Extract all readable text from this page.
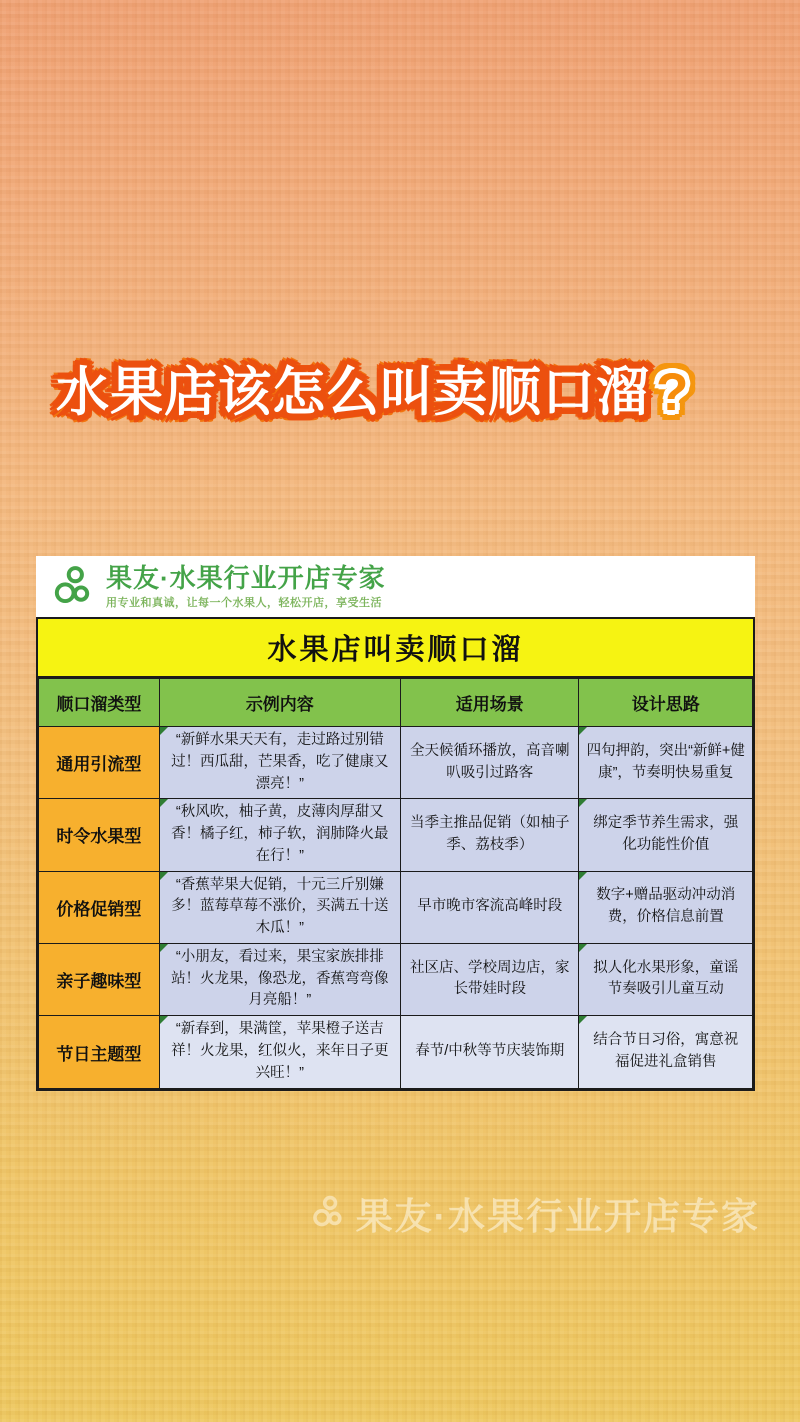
水果店该怎么叫卖顺口溜 ?
果友·水果行业开店专家
用专业和真诚，让每一个水果人，轻松开店，享受生活
水果店叫卖顺口溜
顺口溜类型	示例内容	适用场景	设计思路
通用引流型	“新鲜水果天天有，走过路过别错过！西瓜甜，芒果香，吃了健康又漂亮！”	全天候循环播放，高音喇叭吸引过路客	四句押韵，突出“新鲜+健康”，节奏明快易重复
时令水果型	“秋风吹，柚子黄，皮薄肉厚甜又香！橘子红，柿子软，润肺降火最在行！”	当季主推品促销（如柚子季、荔枝季）	绑定季节养生需求，强化功能性价值
价格促销型	“香蕉苹果大促销，十元三斤别嫌多！蓝莓草莓不涨价，买满五十送木瓜！”	早市晚市客流高峰时段	数字+赠品驱动冲动消费，价格信息前置
亲子趣味型	“小朋友，看过来，果宝家族排排站！火龙果，像恐龙，香蕉弯弯像月亮船！”	社区店、学校周边店，家长带娃时段	拟人化水果形象，童谣节奏吸引儿童互动
节日主题型	“新春到，果满筐，苹果橙子送吉祥！火龙果，红似火，来年日子更兴旺！”	春节/中秋等节庆装饰期	结合节日习俗，寓意祝福促进礼盒销售
果友·水果行业开店专家
